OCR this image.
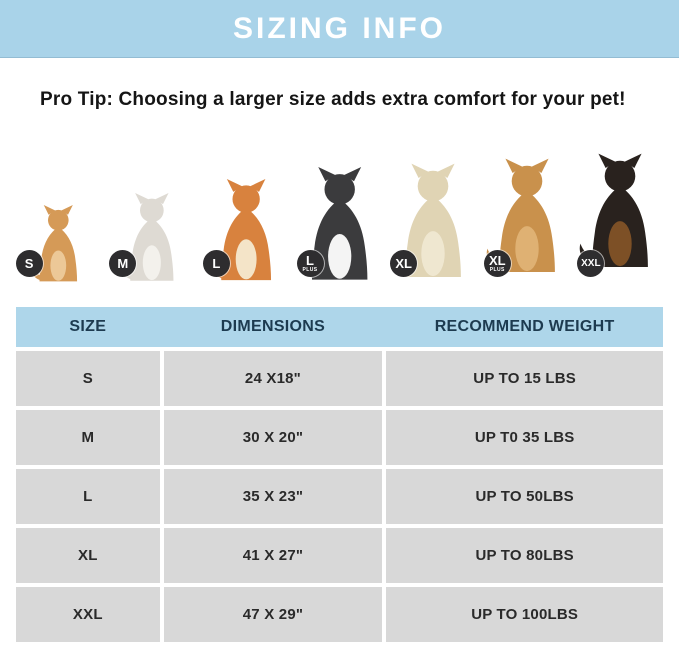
SIZING INFO

Pro Tip: Choosing a larger size adds extra comfort for your pet!

S	M	L	L
PLUS	XL	XL
PLUS
XXL
SIZE	DIMENSIONS	RECOMMEND WEIGHT
S	24 X18"	UP TO 15 LBS
M	30 X 20"	UP T0 35 LBS
L	35 X 23"	UP TO 50LBS
XL	41 X 27"	UP TO 80LBS
XXL	47 X 29"	UP TO 100LBS
